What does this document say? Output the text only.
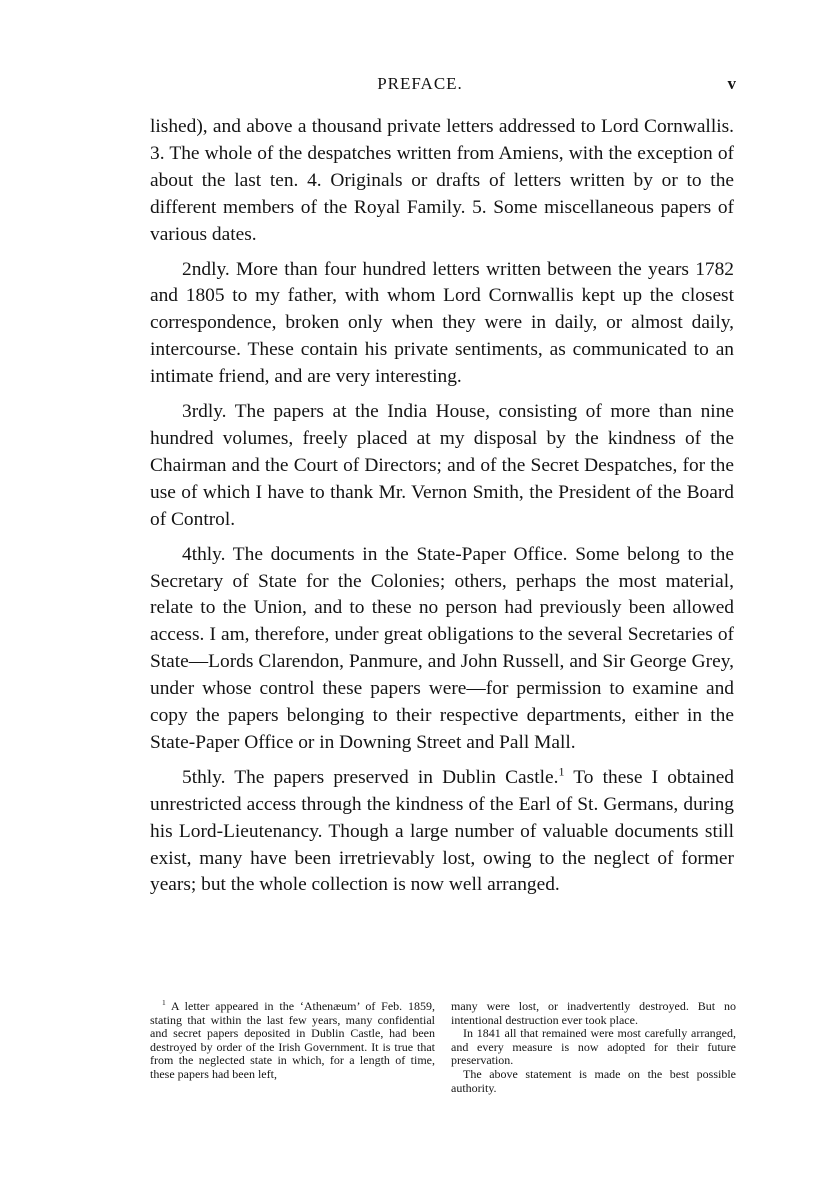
PREFACE.	v

lished), and above a thousand private letters addressed to Lord Cornwallis. 3. The whole of the despatches written from Amiens, with the exception of about the last ten. 4. Originals or drafts of letters written by or to the different members of the Royal Family. 5. Some miscellaneous papers of various dates.

2ndly. More than four hundred letters written between the years 1782 and 1805 to my father, with whom Lord Cornwallis kept up the closest correspondence, broken only when they were in daily, or almost daily, intercourse. These contain his private sentiments, as communicated to an intimate friend, and are very interesting.

3rdly. The papers at the India House, consisting of more than nine hundred volumes, freely placed at my disposal by the kindness of the Chairman and the Court of Directors; and of the Secret Despatches, for the use of which I have to thank Mr. Vernon Smith, the President of the Board of Control.

4thly. The documents in the State-Paper Office. Some belong to the Secretary of State for the Colonies; others, perhaps the most material, relate to the Union, and to these no person had previously been allowed access. I am, therefore, under great obligations to the several Secretaries of State—Lords Clarendon, Panmure, and John Russell, and Sir George Grey, under whose control these papers were—for permission to examine and copy the papers belonging to their respective departments, either in the State-Paper Office or in Downing Street and Pall Mall.

5thly. The papers preserved in Dublin Castle.$^1$ To these I obtained unrestricted access through the kindness of the Earl of St. Germans, during his Lord-Lieutenancy. Though a large number of valuable documents still exist, many have been irretrievably lost, owing to the neglect of former years; but the whole collection is now well arranged.

$^1$ A letter appeared in the ‘Athenæum’ of Feb. 1859, stating that within the last few years, many confidential and secret papers deposited in Dublin Castle, had been destroyed by order of the Irish Government. It is true that from the neglected state in which, for a length of time, these papers had been left,

many were lost, or inadvertently destroyed. But no intentional destruction ever took place.

In 1841 all that remained were most carefully arranged, and every measure is now adopted for their future preservation.

The above statement is made on the best possible authority.
